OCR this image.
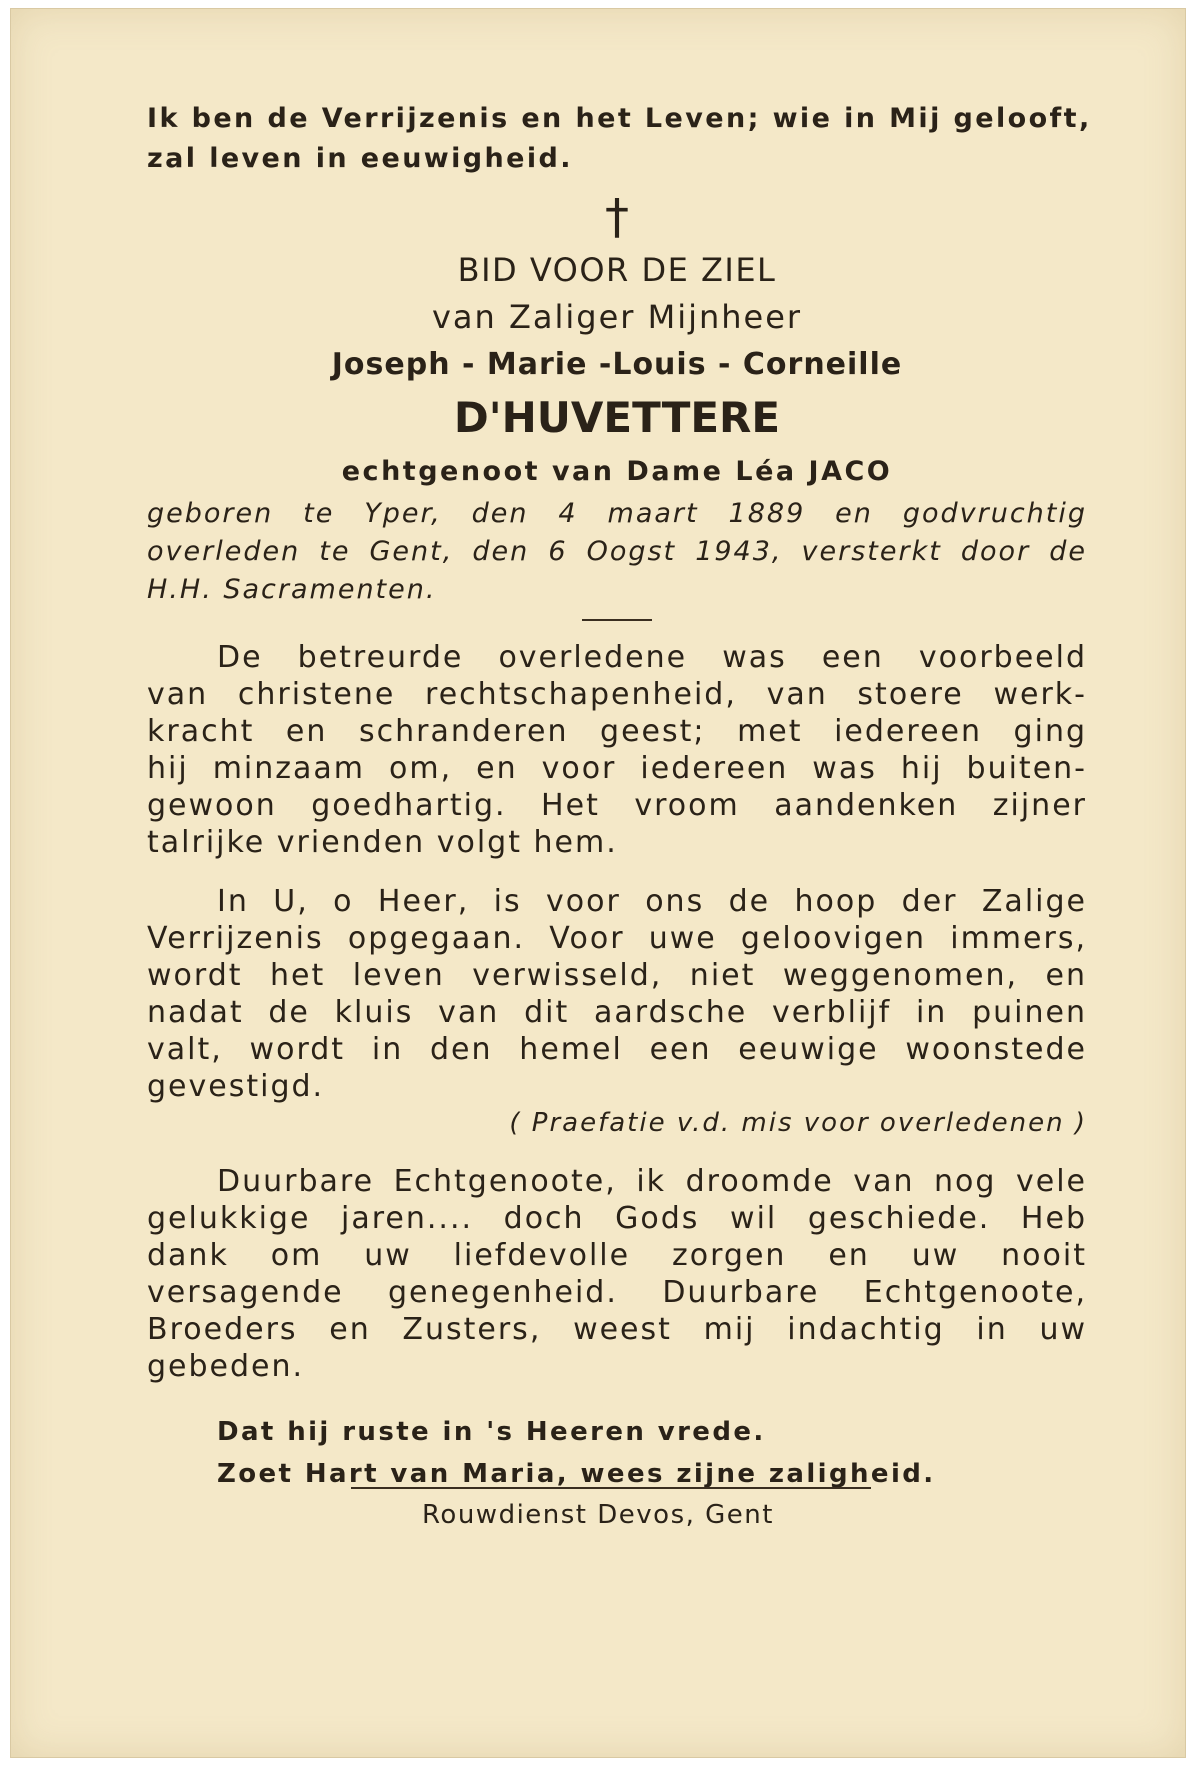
Ik ben de Verrijzenis en het Leven; wie in Mij gelooft,
zal leven in eeuwigheid.
†
BID VOOR DE ZIEL
van Zaliger Mijnheer
Joseph - Marie -Louis - Corneille
D'HUVETTERE
echtgenoot van Dame Léa JACO
geboren te Yper, den 4 maart 1889 en godvruchtig
overleden te Gent, den 6 Oogst 1943, versterkt door de
H.H. Sacramenten.
De betreurde overledene was een voorbeeld
van christene rechtschapenheid, van stoere werk-
kracht en schranderen geest; met iedereen ging
hij minzaam om, en voor iedereen was hij buiten-
gewoon goedhartig. Het vroom aandenken zijner
talrijke vrienden volgt hem.
In U, o Heer, is voor ons de hoop der Zalige
Verrijzenis opgegaan. Voor uwe geloovigen immers,
wordt het leven verwisseld, niet weggenomen, en
nadat de kluis van dit aardsche verblijf in puinen
valt, wordt in den hemel een eeuwige woonstede
gevestigd.
( Praefatie v.d. mis voor overledenen )
Duurbare Echtgenoote, ik droomde van nog vele
gelukkige jaren.... doch Gods wil geschiede. Heb
dank om uw liefdevolle zorgen en uw nooit
versagende genegenheid. Duurbare Echtgenoote,
Broeders en Zusters, weest mij indachtig in uw
gebeden.
Dat hij ruste in 's Heeren vrede.
Zoet Hart van Maria, wees zijne zaligheid.
Rouwdienst Devos, Gent
